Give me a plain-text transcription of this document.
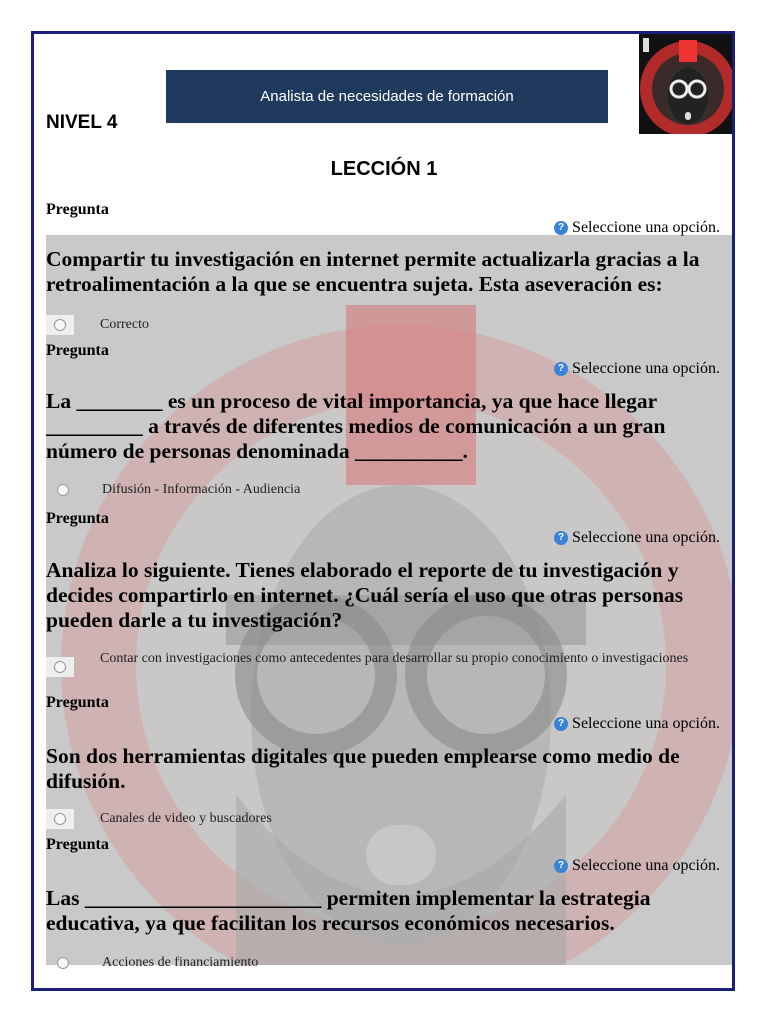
Analista de necesidades de formación
NIVEL 4
LECCIÓN 1
Pregunta
? Seleccione una opción.
Compartir tu investigación en internet permite actualizarla gracias a la retroalimentación a la que se encuentra sujeta. Esta aseveración es:
Correcto
Pregunta
? Seleccione una opción.
La ________ es un proceso de vital importancia, ya que hace llegar _________ a través de diferentes medios de comunicación a un gran número de personas denominada __________.
Difusión - Información - Audiencia
Pregunta
? Seleccione una opción.
Analiza lo siguiente. Tienes elaborado el reporte de tu investigación y decides compartirlo en internet. ¿Cuál sería el uso que otras personas pueden darle a tu investigación?
Contar con investigaciones como antecedentes para desarrollar su propio conocimiento o investigaciones
Pregunta
? Seleccione una opción.
Son dos herramientas digitales que pueden emplearse como medio de difusión.
Canales de video y buscadores
Pregunta
? Seleccione una opción.
Las ______________________ permiten implementar la estrategia educativa, ya que facilitan los recursos económicos necesarios.
Acciones de financiamiento
